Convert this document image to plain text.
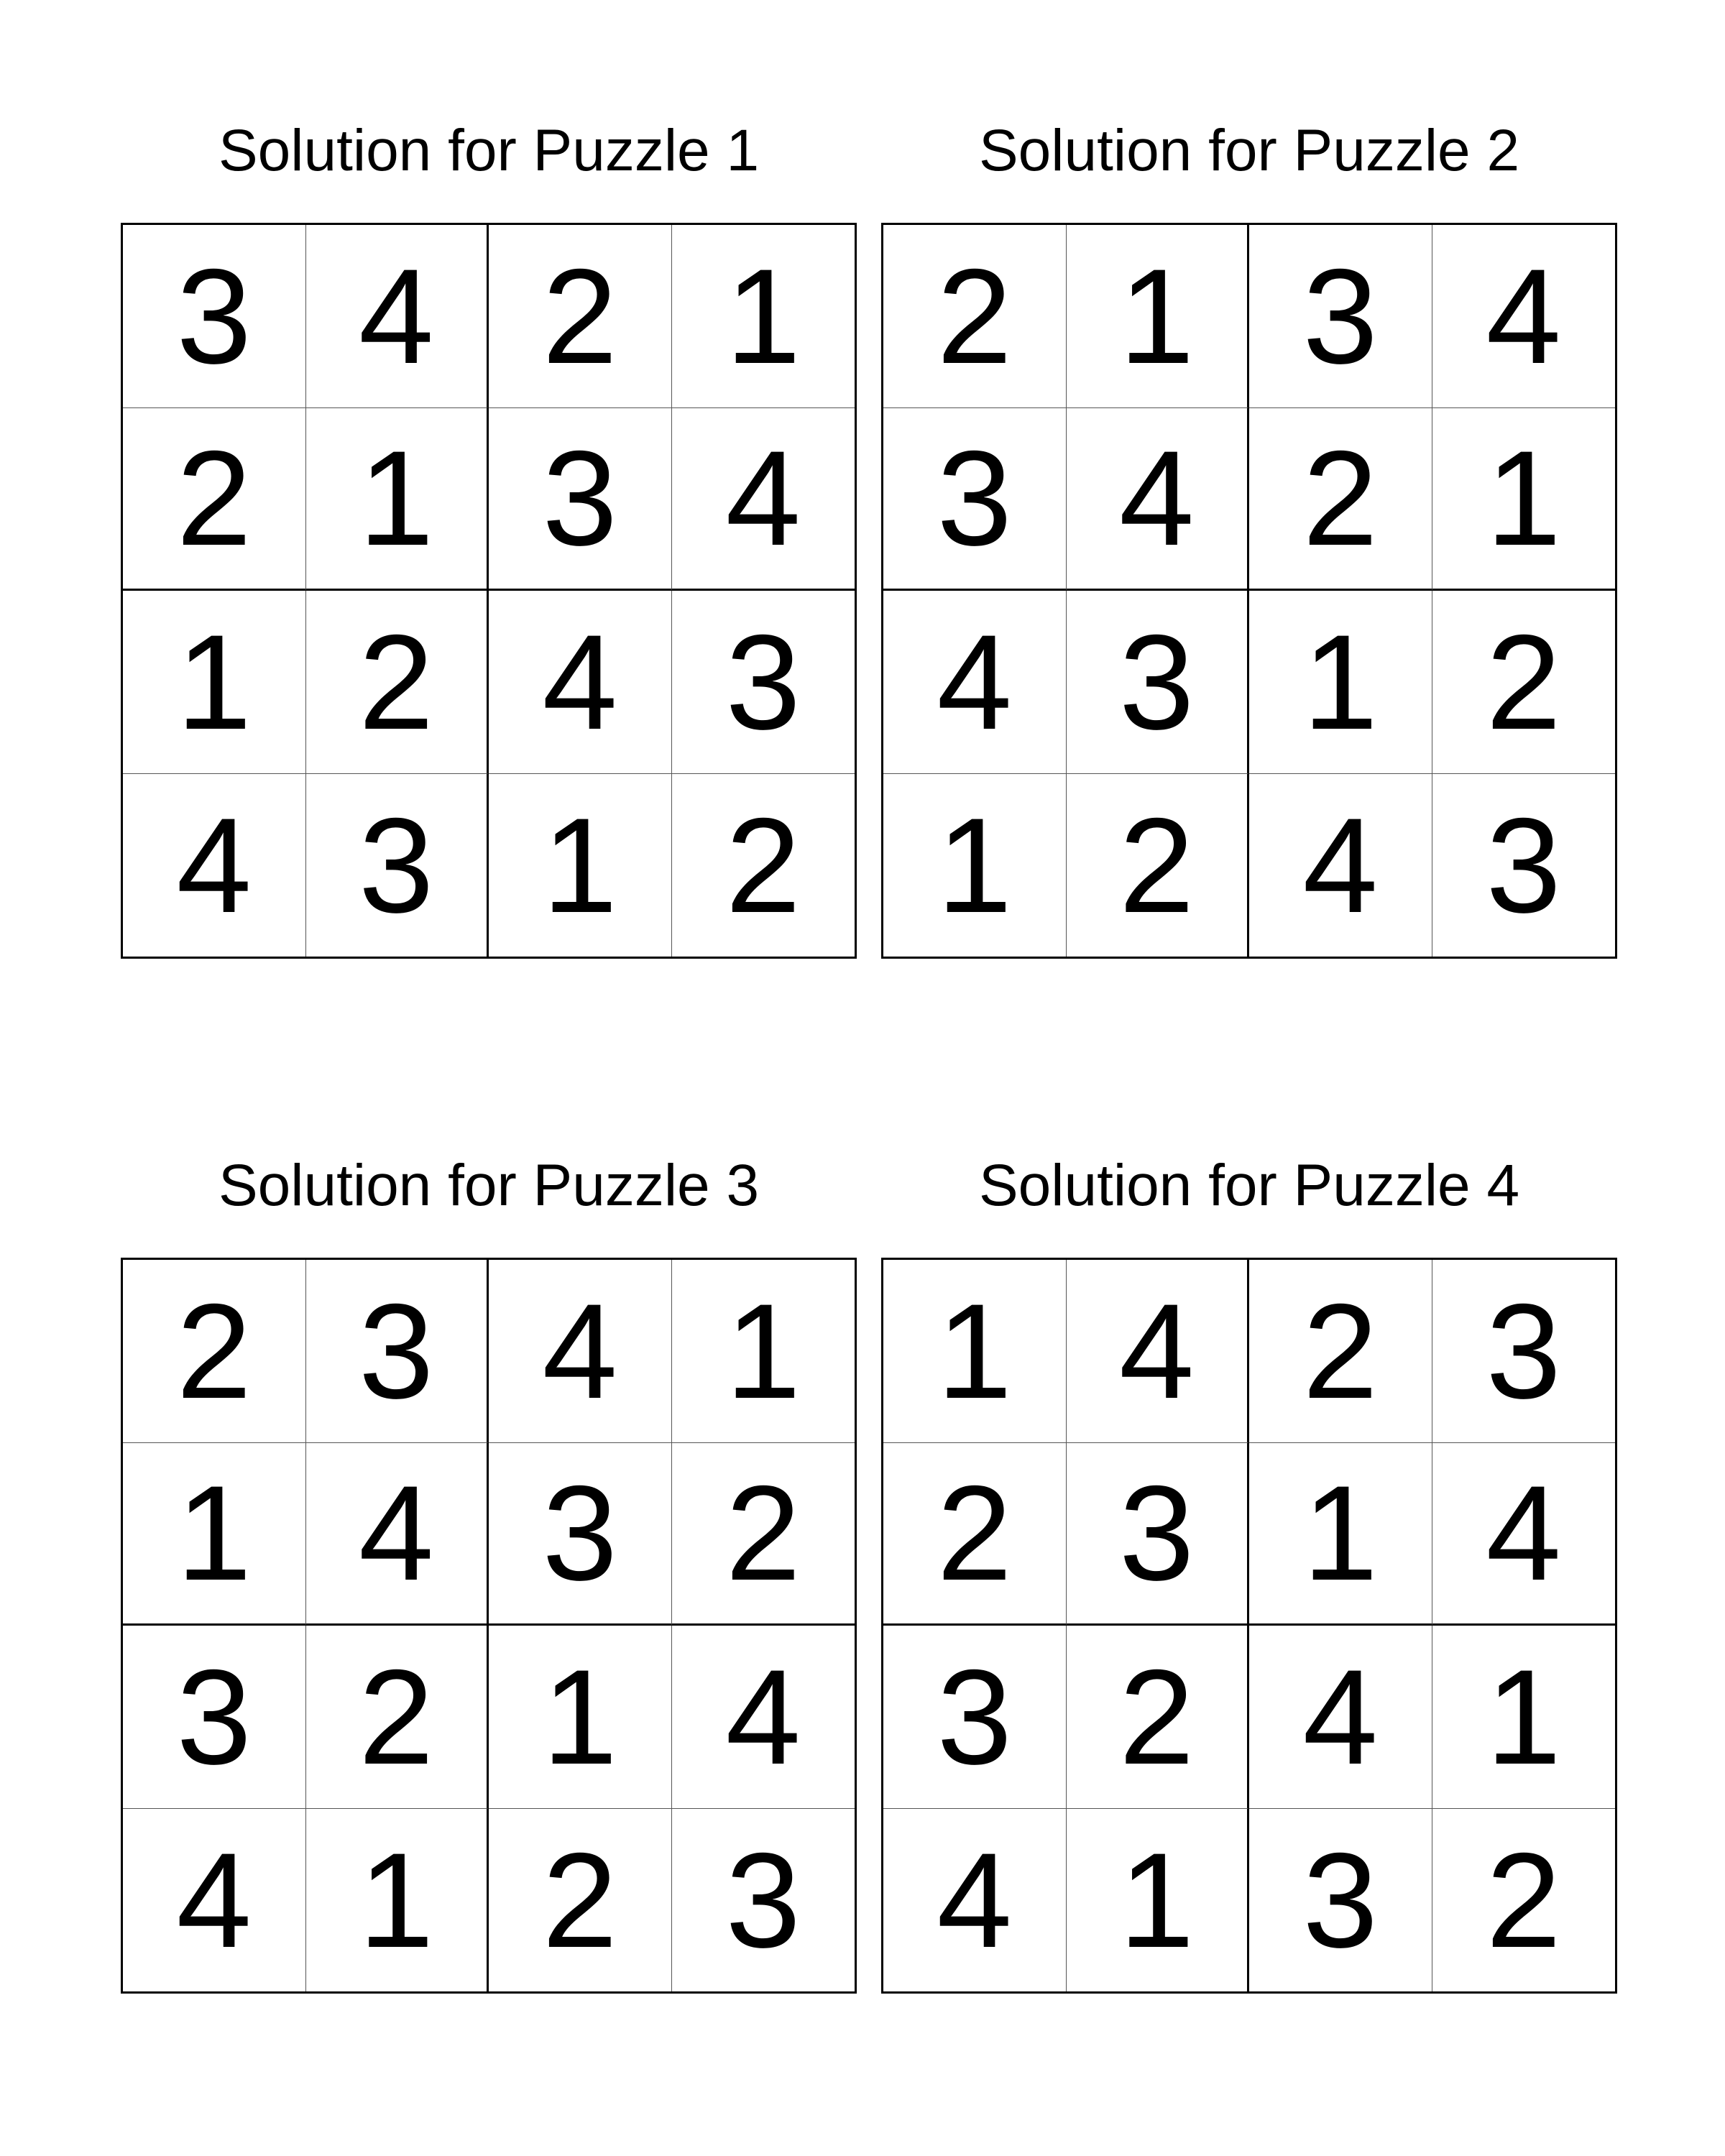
Solution for Puzzle 1
3 4 2 1
2 1 3 4
1 2 4 3
4 3 1 2
Solution for Puzzle 2
2 1 3 4
3 4 2 1
4 3 1 2
1 2 4 3
Solution for Puzzle 3
2 3 4 1
1 4 3 2
3 2 1 4
4 1 2 3
Solution for Puzzle 4
1 4 2 3
2 3 1 4
3 2 4 1
4 1 3 2
